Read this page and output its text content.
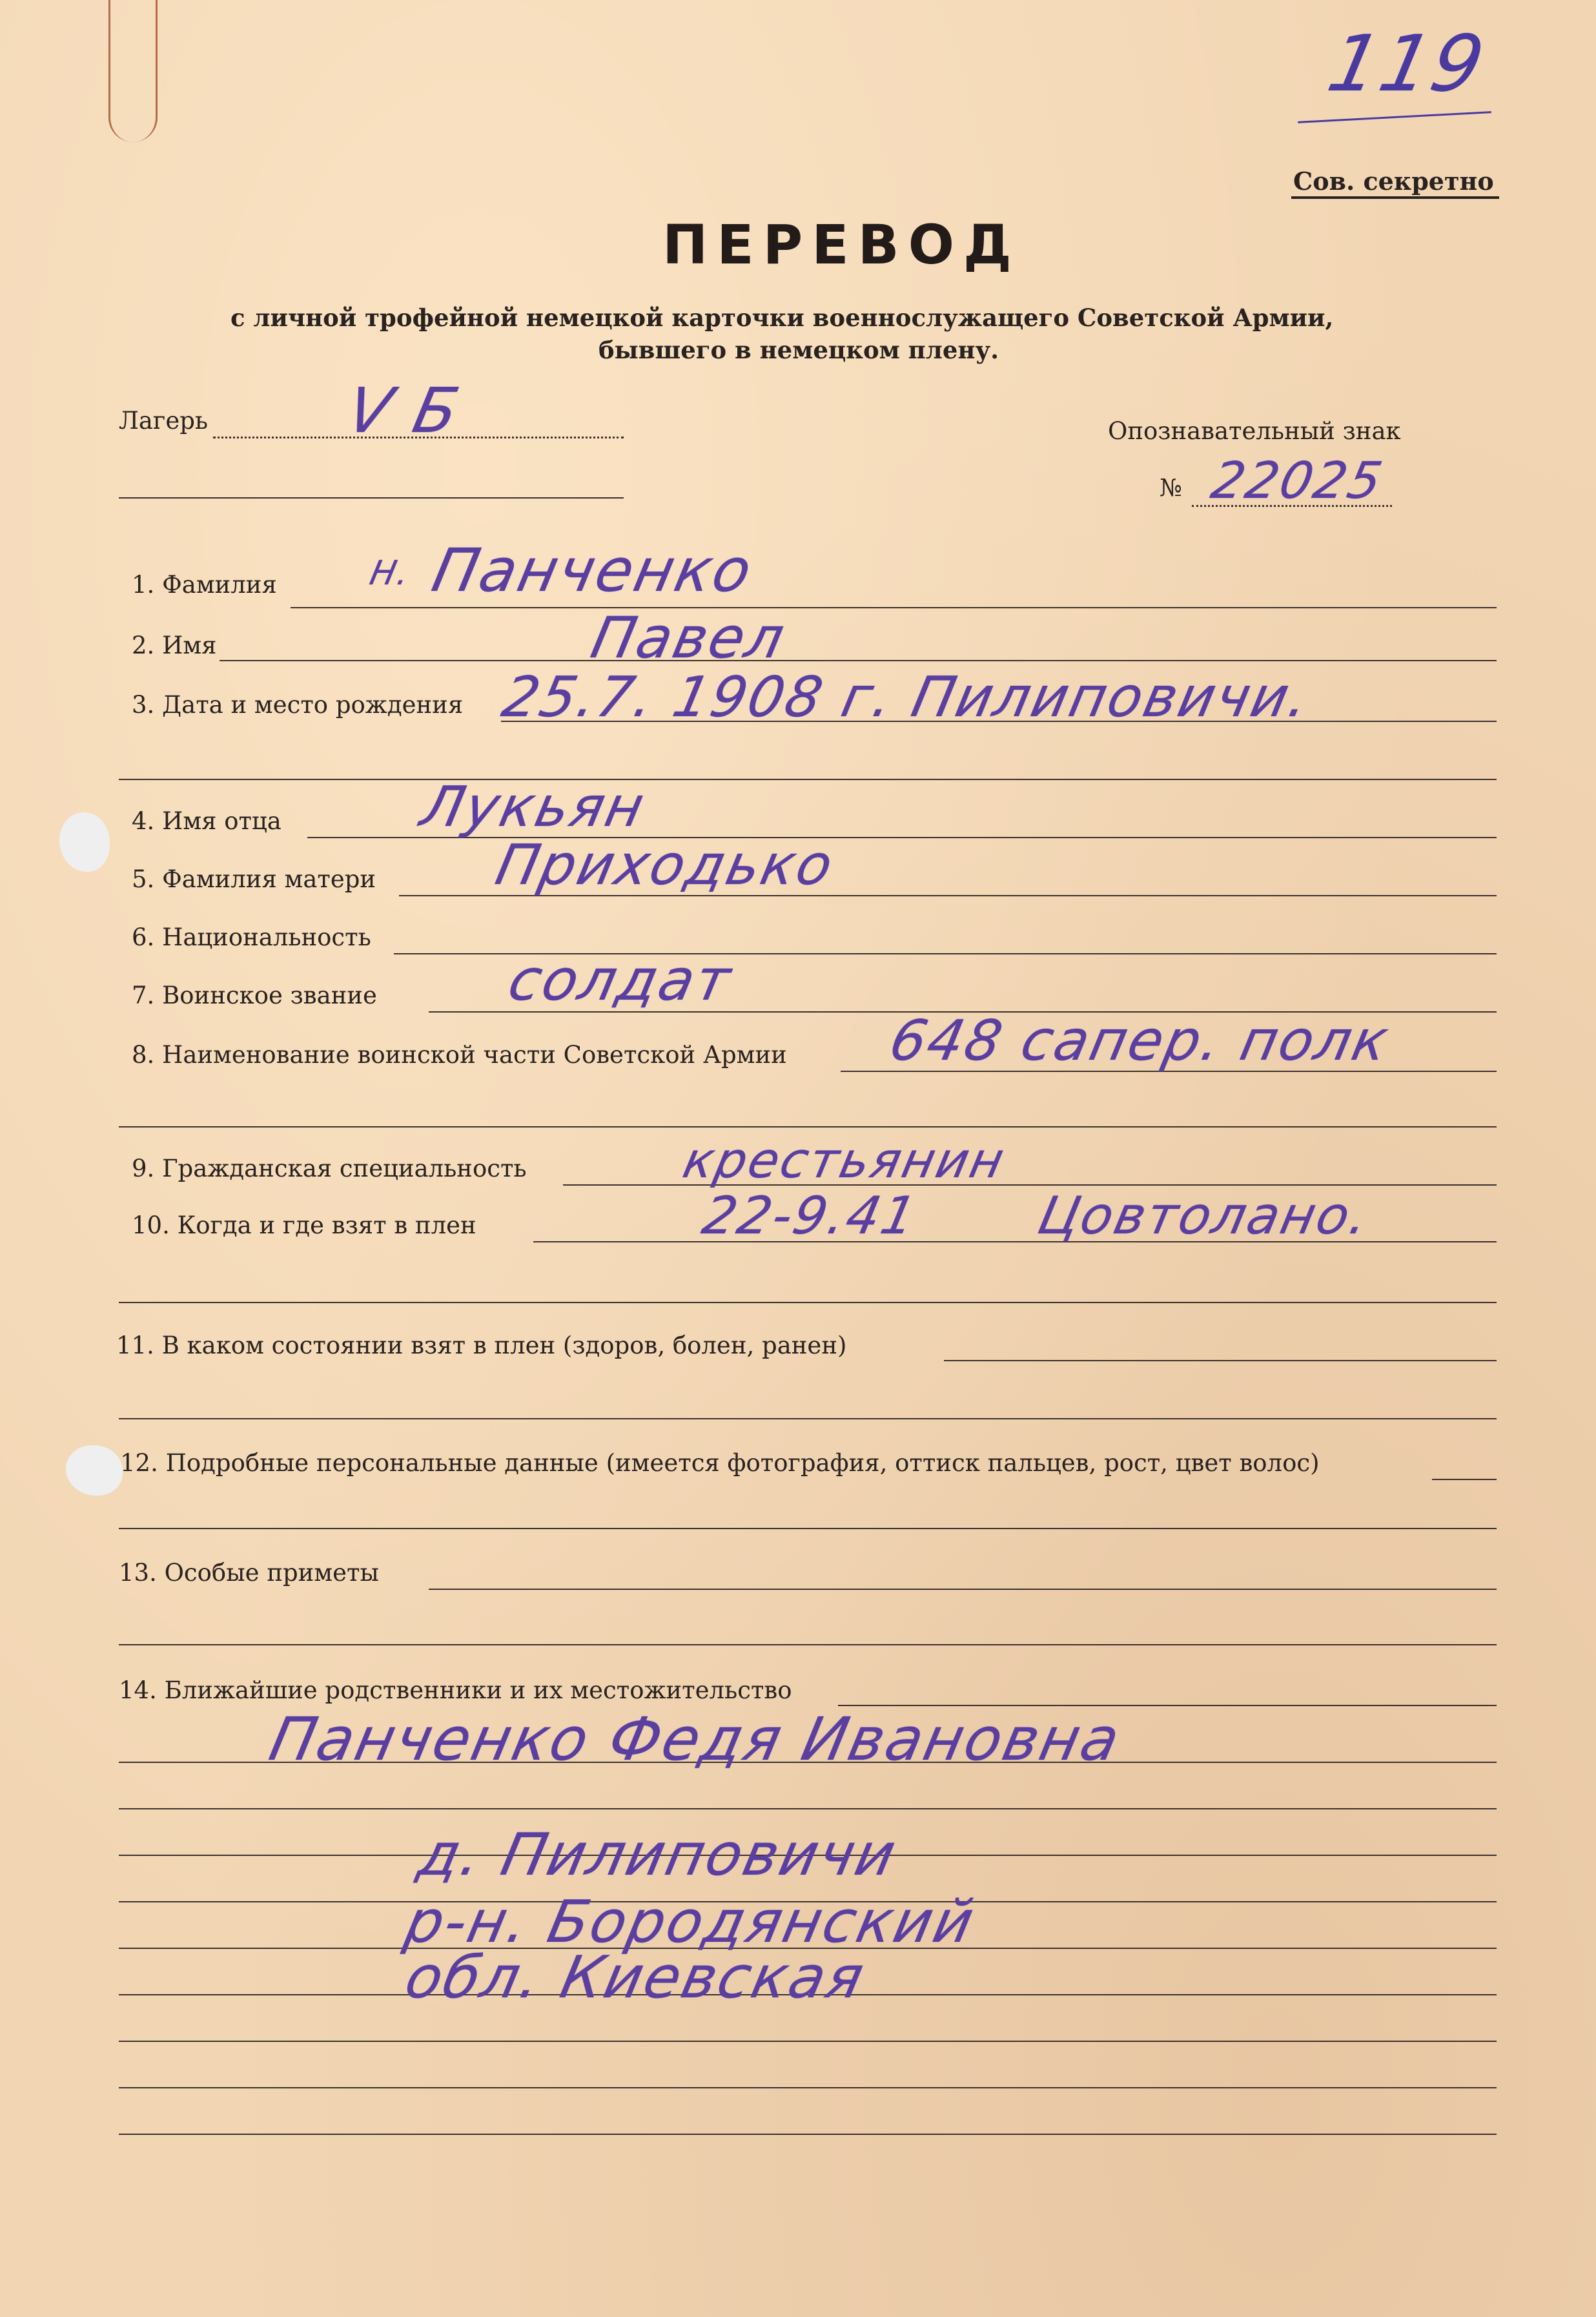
119
Сов. секретно
ПЕРЕВОД
с личной трофейной немецкой карточки военнослужащего Советской Армии,
бывшего в немецком плену.
Лагерь V Б	Опознавательный знак
№ 22025
1. Фамилия	Н. Панченко
2. Имя	Павел
3. Дата и место рождения 25.7. 1908 г. Пилиповичи.
4. Имя отца Лукьян
5. Фамилия матери Приходько
6. Национальность
7. Воинское звание солдат
8. Наименование воинской части Советской Армии 648 сапер. полк
9. Гражданская специальность	крестьянин
10. Когда и где взят в плен	22-9.41 Цовтолано.
11. В каком состоянии взят в плен (здоров, болен, ранен)
12. Подробные персональные данные (имеется фотография, оттиск пальцев, рост, цвет волос)
13. Особые приметы
14. Ближайшие родственники и их местожительство
Панченко Федя Ивановна
д. Пилиповичи
р-н. Бородянский
обл. Киевская
